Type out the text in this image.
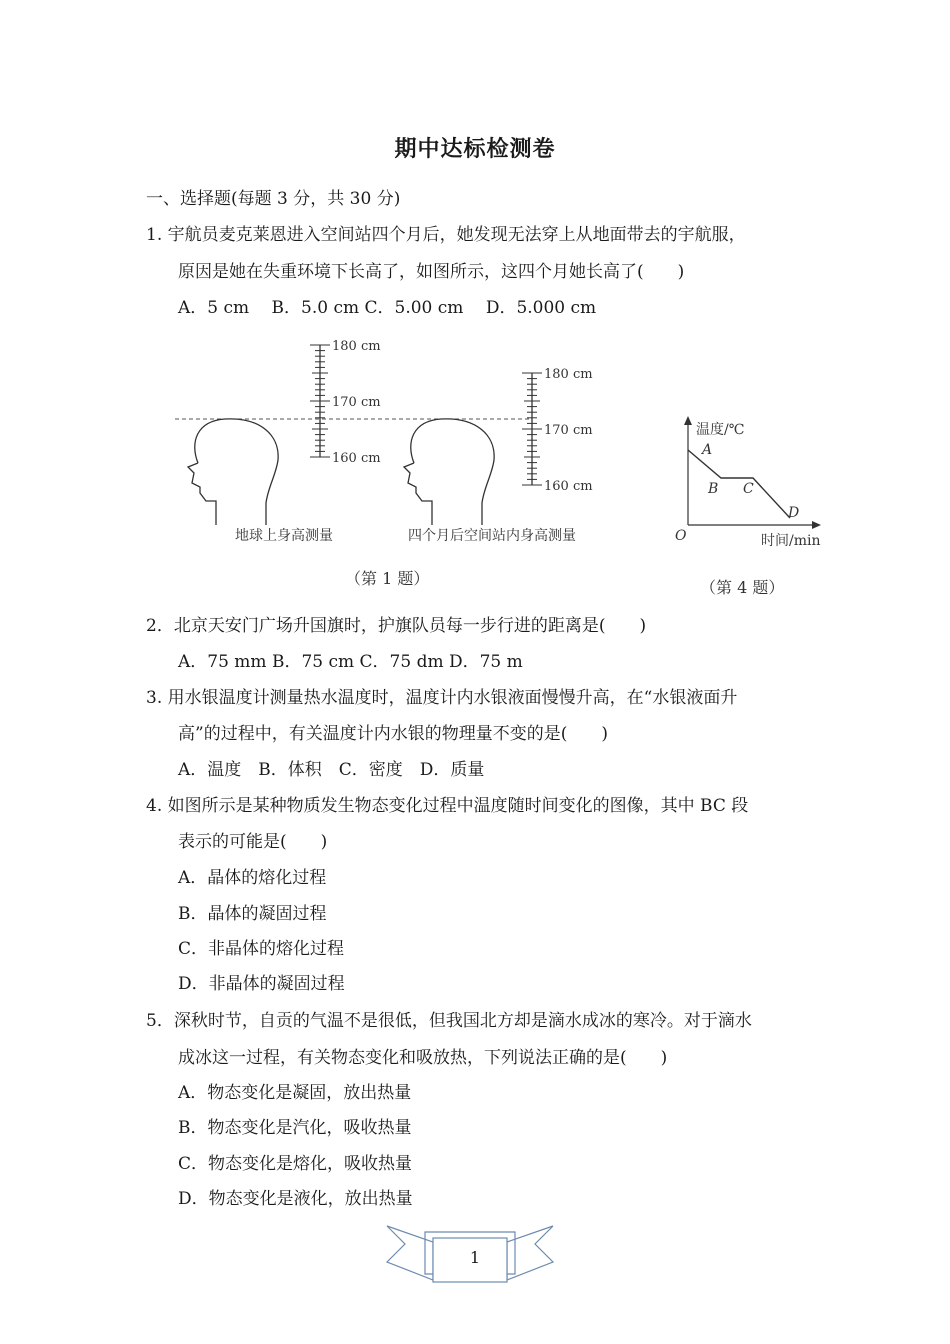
期中达标检测卷
一、选择题(每题 3 分，共 30 分)
1. 宇航员麦克莱恩进入空间站四个月后，她发现无法穿上从地面带去的宇航服，
原因是她在失重环境下长高了，如图所示，这四个月她长高了(　　)
A．5 cm　 B．5.0 cm C．5.00 cm　 D．5.000 cm
180 cm
170 cm
160 cm
180 cm
170 cm
160 cm
地球上身高测量	四个月后空间站内身高测量
（第 1 题）
温度/℃
时间/min
O
A
B C
D
（第 4 题）
2．北京天安门广场升国旗时，护旗队员每一步行进的距离是(　　)
A．75 mm B．75 cm C．75 dm D．75 m
3. 用水银温度计测量热水温度时，温度计内水银液面慢慢升高，在“水银液面升
高”的过程中，有关温度计内水银的物理量不变的是(　　)
A．温度　B．体积　C．密度　D．质量
4. 如图所示是某种物质发生物态变化过程中温度随时间变化的图像，其中 BC 段
表示的可能是(　　)
A．晶体的熔化过程
B．晶体的凝固过程
C．非晶体的熔化过程
D．非晶体的凝固过程
5．深秋时节，自贡的气温不是很低，但我国北方却是滴水成冰的寒冷。对于滴水
成冰这一过程，有关物态变化和吸放热，下列说法正确的是(　　)
A．物态变化是凝固，放出热量
B．物态变化是汽化，吸收热量
C．物态变化是熔化，吸收热量
D．物态变化是液化，放出热量
1
